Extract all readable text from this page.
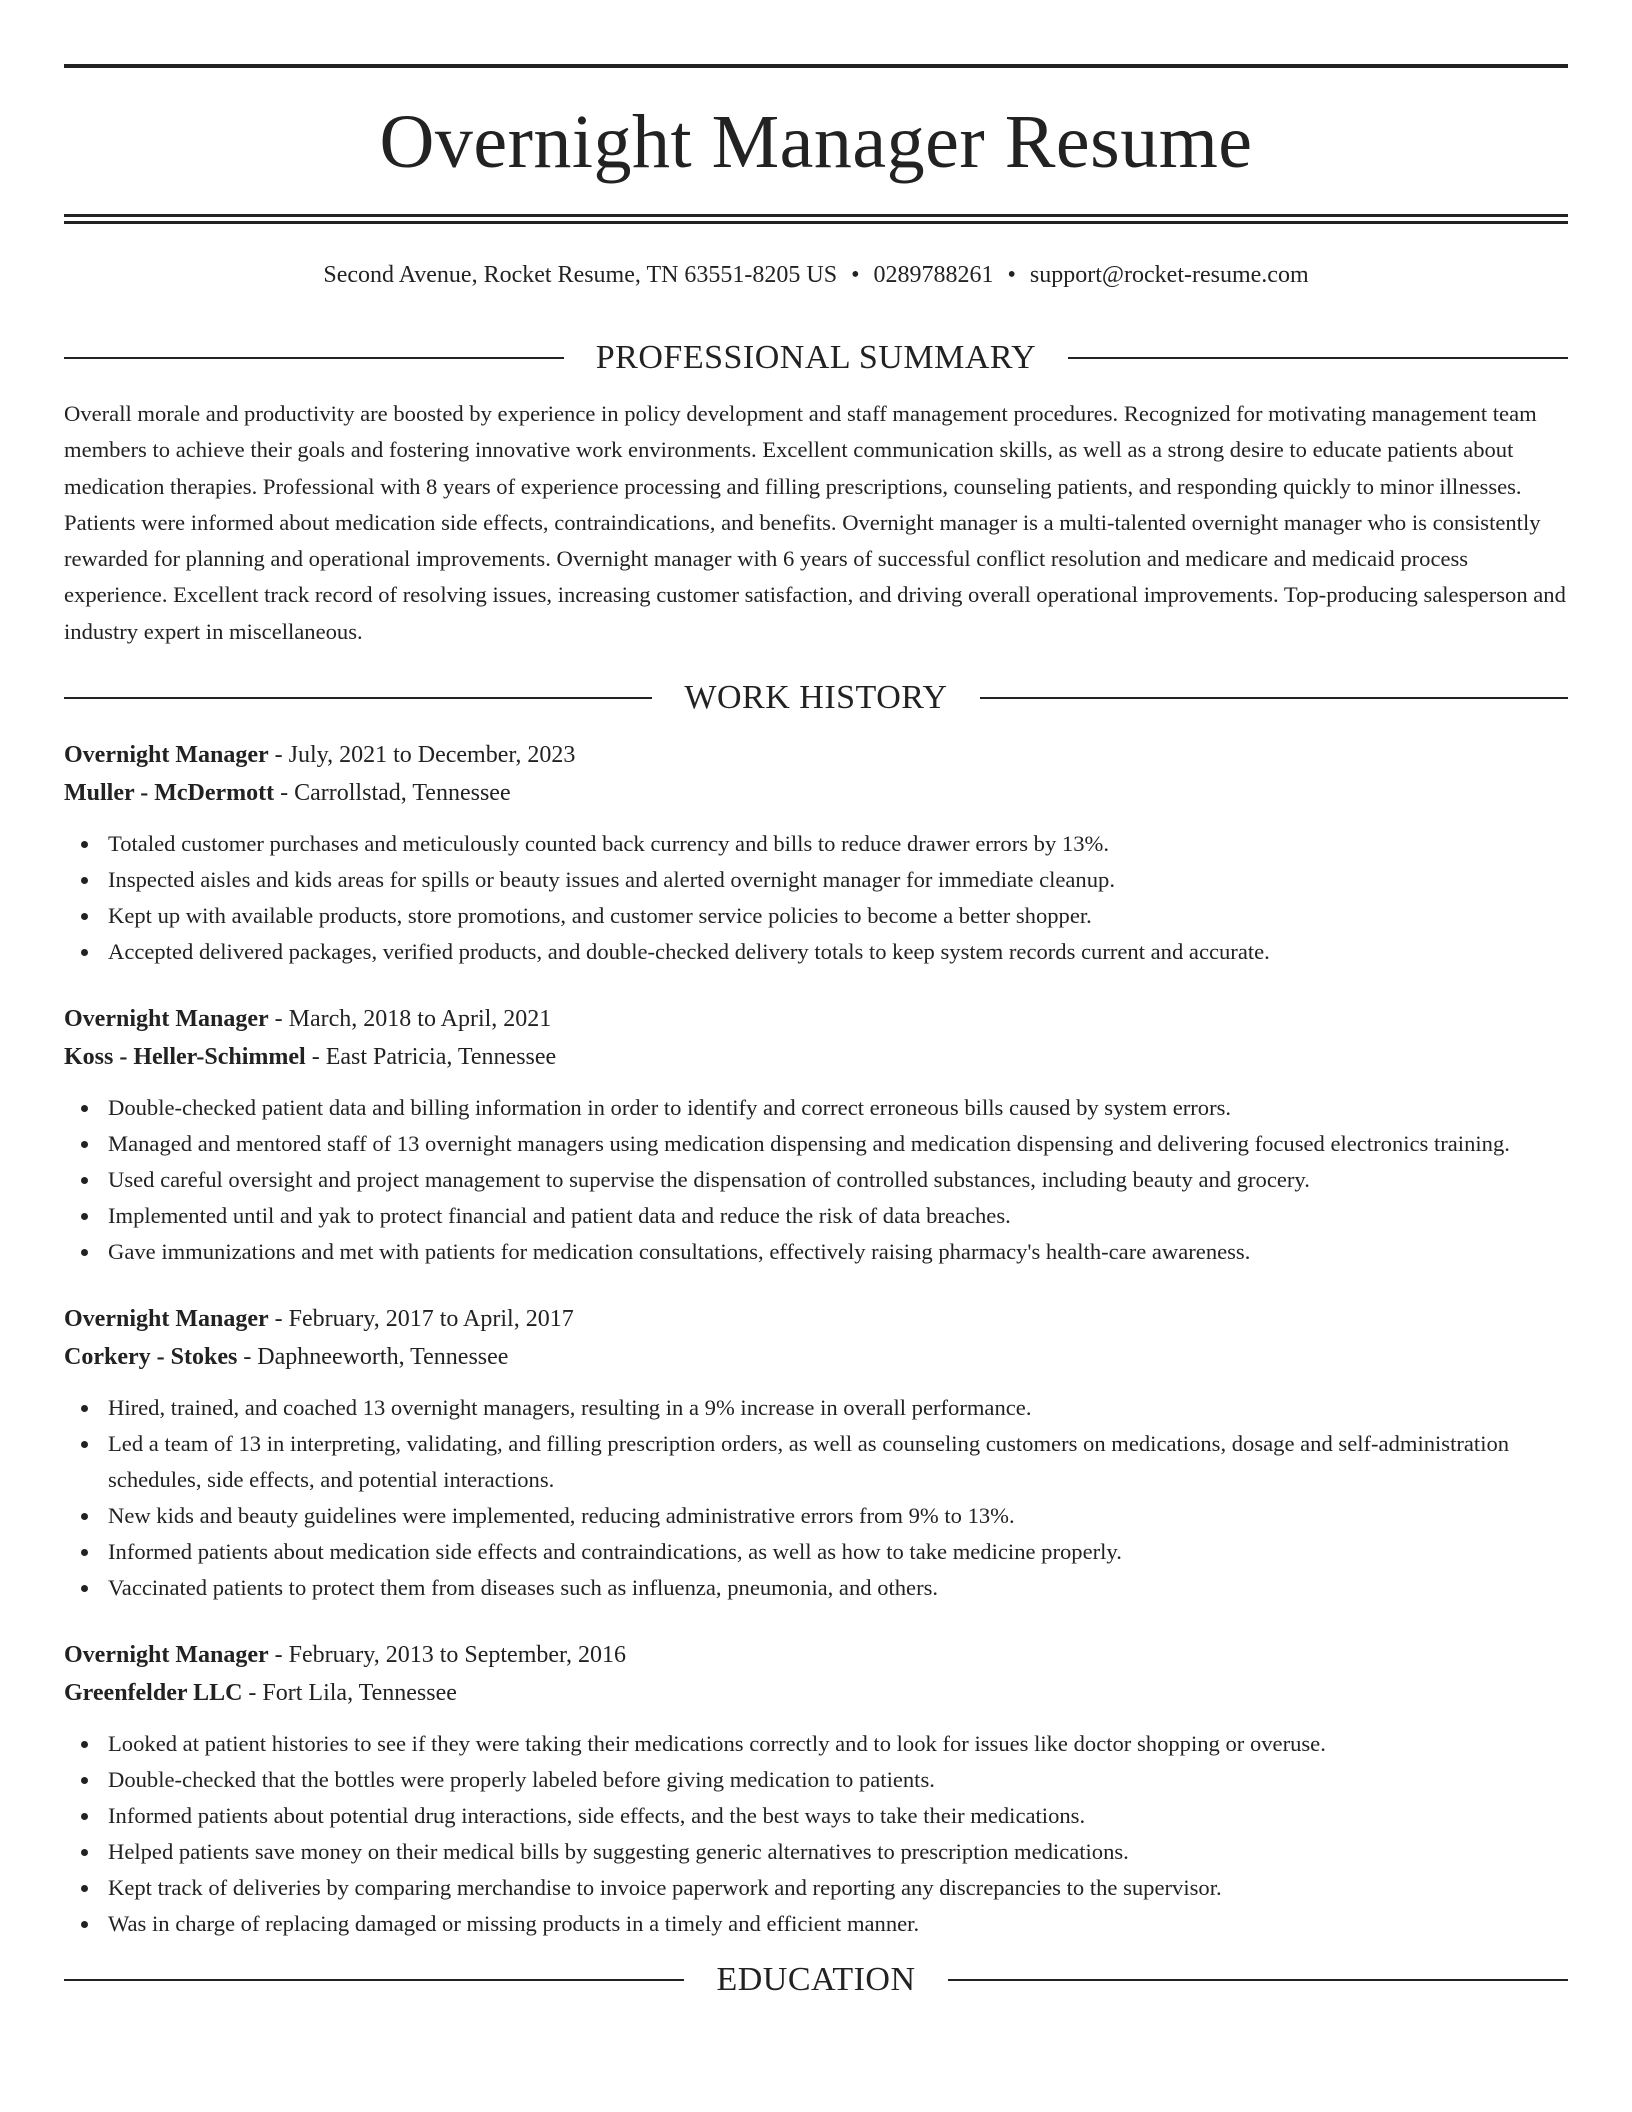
Overnight Manager Resume
Second Avenue, Rocket Resume, TN 63551-8205 US • 0289788261 • support@rocket-resume.com
PROFESSIONAL SUMMARY

Overall morale and productivity are boosted by experience in policy development and staff management procedures. Recognized for motivating management team members to achieve their goals and fostering innovative work environments. Excellent communication skills, as well as a strong desire to educate patients about medication therapies. Professional with 8 years of experience processing and filling prescriptions, counseling patients, and responding quickly to minor illnesses. Patients were informed about medication side effects, contraindications, and benefits. Overnight manager is a multi-talented overnight manager who is consistently rewarded for planning and operational improvements. Overnight manager with 6 years of successful conflict resolution and medicare and medicaid process experience. Excellent track record of resolving issues, increasing customer satisfaction, and driving overall operational improvements. Top-producing salesperson and industry expert in miscellaneous.

WORK HISTORY
Overnight Manager - July, 2021 to December, 2023
Muller - McDermott - Carrollstad, Tennessee
Totaled customer purchases and meticulously counted back currency and bills to reduce drawer errors by 13%.
Inspected aisles and kids areas for spills or beauty issues and alerted overnight manager for immediate cleanup.
Kept up with available products, store promotions, and customer service policies to become a better shopper.
Accepted delivered packages, verified products, and double-checked delivery totals to keep system records current and accurate.
Overnight Manager - March, 2018 to April, 2021
Koss - Heller-Schimmel - East Patricia, Tennessee
Double-checked patient data and billing information in order to identify and correct erroneous bills caused by system errors.
Managed and mentored staff of 13 overnight managers using medication dispensing and medication dispensing and delivering focused electronics training.
Used careful oversight and project management to supervise the dispensation of controlled substances, including beauty and grocery.
Implemented until and yak to protect financial and patient data and reduce the risk of data breaches.
Gave immunizations and met with patients for medication consultations, effectively raising pharmacy's health-care awareness.
Overnight Manager - February, 2017 to April, 2017
Corkery - Stokes - Daphneeworth, Tennessee
Hired, trained, and coached 13 overnight managers, resulting in a 9% increase in overall performance.
Led a team of 13 in interpreting, validating, and filling prescription orders, as well as counseling customers on medications, dosage and self-administration schedules, side effects, and potential interactions.
New kids and beauty guidelines were implemented, reducing administrative errors from 9% to 13%.
Informed patients about medication side effects and contraindications, as well as how to take medicine properly.
Vaccinated patients to protect them from diseases such as influenza, pneumonia, and others.
Overnight Manager - February, 2013 to September, 2016
Greenfelder LLC - Fort Lila, Tennessee
Looked at patient histories to see if they were taking their medications correctly and to look for issues like doctor shopping or overuse.
Double-checked that the bottles were properly labeled before giving medication to patients.
Informed patients about potential drug interactions, side effects, and the best ways to take their medications.
Helped patients save money on their medical bills by suggesting generic alternatives to prescription medications.
Kept track of deliveries by comparing merchandise to invoice paperwork and reporting any discrepancies to the supervisor.
Was in charge of replacing damaged or missing products in a timely and efficient manner.
EDUCATION
